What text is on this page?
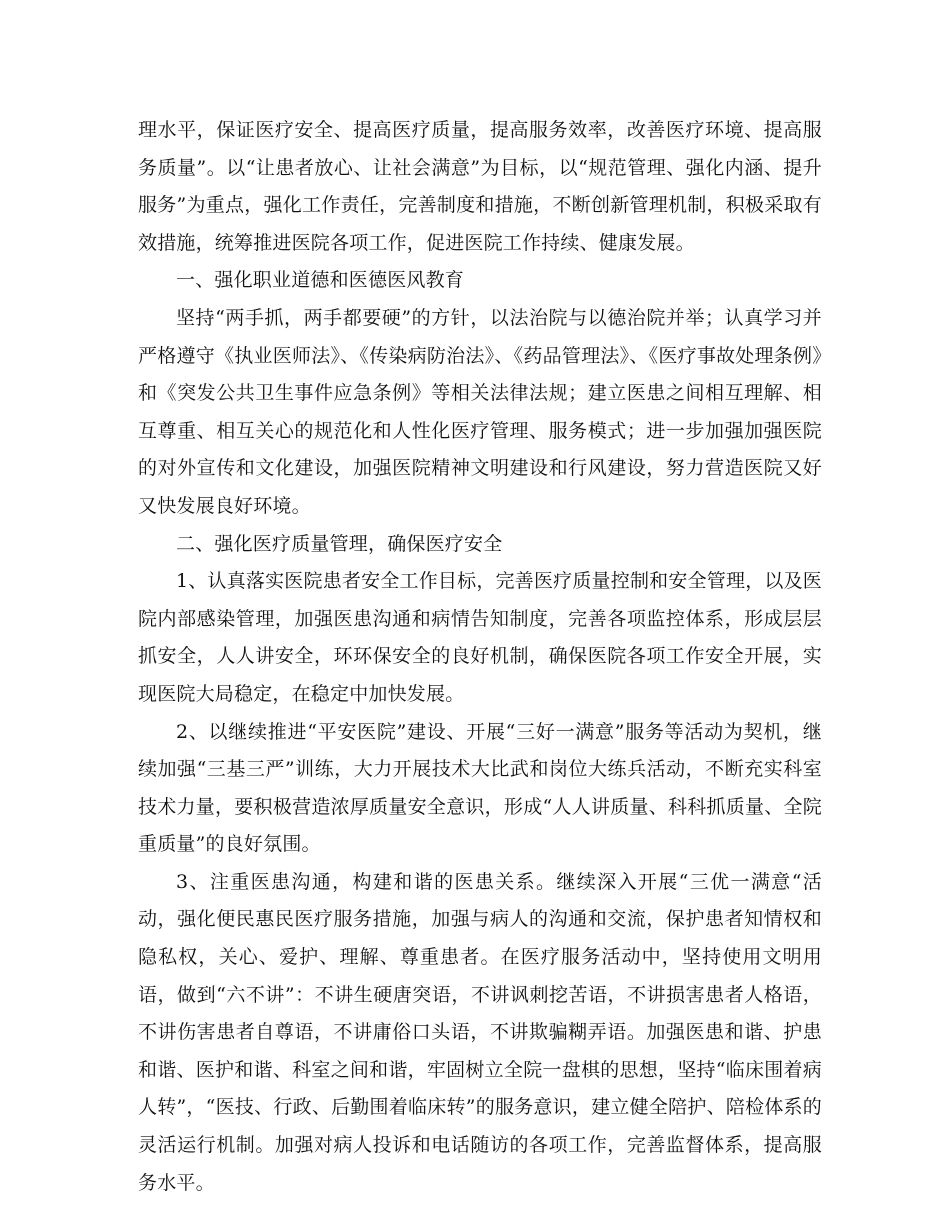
理水平，保证医疗安全、提高医疗质量，提高服务效率，改善医疗环境、提高服务质量”。以“让患者放心、让社会满意”为目标，以“规范管理、强化内涵、提升服务”为重点，强化工作责任，完善制度和措施，不断创新管理机制，积极采取有效措施，统筹推进医院各项工作，促进医院工作持续、健康发展。

一、强化职业道德和医德医风教育

坚持“两手抓，两手都要硬”的方针，以法治院与以德治院并举；认真学习并严格遵守《执业医师法》、《传染病防治法》、《药品管理法》、《医疗事故处理条例》和《突发公共卫生事件应急条例》等相关法律法规；建立医患之间相互理解、相互尊重、相互关心的规范化和人性化医疗管理、服务模式；进一步加强加强医院的对外宣传和文化建设，加强医院精神文明建设和行风建设，努力营造医院又好又快发展良好环境。

二、强化医疗质量管理，确保医疗安全

1、认真落实医院患者安全工作目标，完善医疗质量控制和安全管理，以及医院内部感染管理，加强医患沟通和病情告知制度，完善各项监控体系，形成层层抓安全，人人讲安全，环环保安全的良好机制，确保医院各项工作安全开展，实现医院大局稳定，在稳定中加快发展。

2、以继续推进“平安医院”建设、开展“三好一满意”服务等活动为契机，继续加强“三基三严”训练，大力开展技术大比武和岗位大练兵活动，不断充实科室技术力量，要积极营造浓厚质量安全意识，形成“人人讲质量、科科抓质量、全院重质量”的良好氛围。

3、注重医患沟通，构建和谐的医患关系。继续深入开展“三优一满意“活动，强化便民惠民医疗服务措施，加强与病人的沟通和交流，保护患者知情权和隐私权，关心、爱护、理解、尊重患者。在医疗服务活动中，坚持使用文明用语，做到“六不讲”：不讲生硬唐突语，不讲讽刺挖苦语，不讲损害患者人格语，不讲伤害患者自尊语，不讲庸俗口头语，不讲欺骗糊弄语。加强医患和谐、护患和谐、医护和谐、科室之间和谐，牢固树立全院一盘棋的思想，坚持“临床围着病人转”，“医技、行政、后勤围着临床转”的服务意识，建立健全陪护、陪检体系的灵活运行机制。加强对病人投诉和电话随访的各项工作，完善监督体系，提高服务水平。
